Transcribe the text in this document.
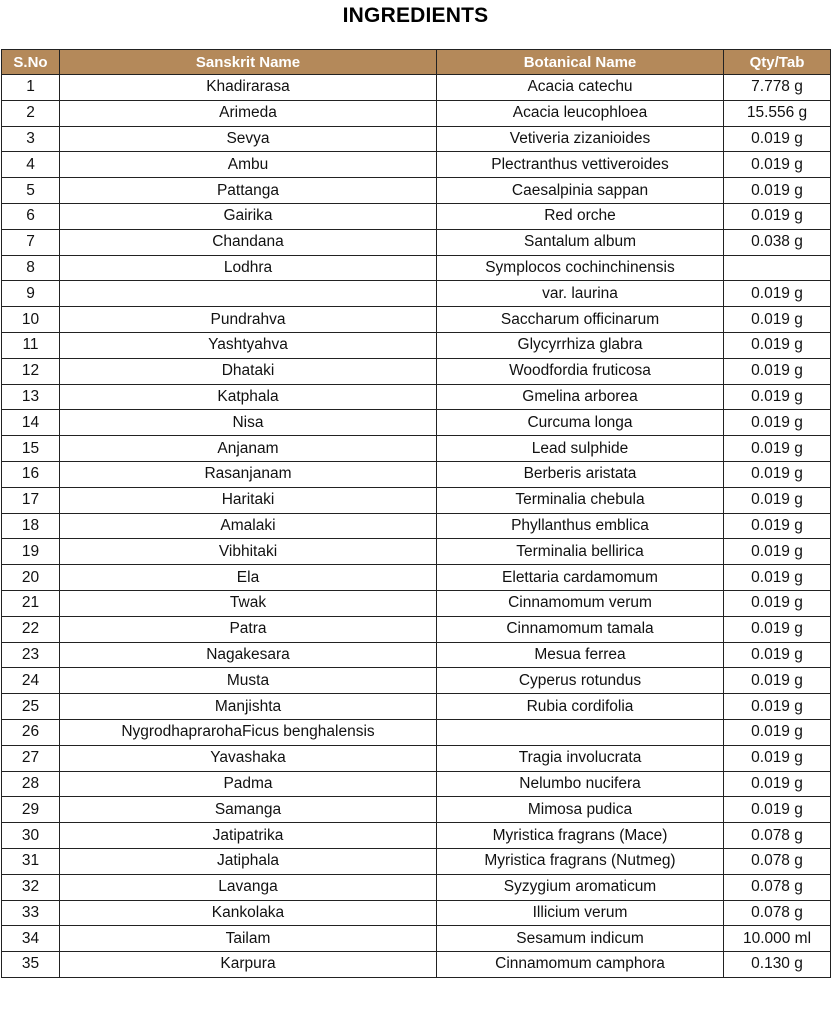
INGREDIENTS
S.No	Sanskrit Name	Botanical Name	Qty/Tab
1	Khadirarasa	Acacia catechu	7.778 g
2	Arimeda	Acacia leucophloea	15.556 g
3	Sevya	Vetiveria zizanioides	0.019 g
4	Ambu	Plectranthus vettiveroides	0.019 g
5	Pattanga	Caesalpinia sappan	0.019 g
6	Gairika	Red orche	0.019 g
7	Chandana	Santalum album	0.038 g
8	Lodhra	Symplocos cochinchinensis	
9		var. laurina	0.019 g
10	Pundrahva	Saccharum officinarum	0.019 g
11	Yashtyahva	Glycyrrhiza glabra	0.019 g
12	Dhataki	Woodfordia fruticosa	0.019 g
13	Katphala	Gmelina arborea	0.019 g
14	Nisa	Curcuma longa	0.019 g
15	Anjanam	Lead sulphide	0.019 g
16	Rasanjanam	Berberis aristata	0.019 g
17	Haritaki	Terminalia chebula	0.019 g
18	Amalaki	Phyllanthus emblica	0.019 g
19	Vibhitaki	Terminalia bellirica	0.019 g
20	Ela	Elettaria cardamomum	0.019 g
21	Twak	Cinnamomum verum	0.019 g
22	Patra	Cinnamomum tamala	0.019 g
23	Nagakesara	Mesua ferrea	0.019 g
24	Musta	Cyperus rotundus	0.019 g
25	Manjishta	Rubia cordifolia	0.019 g
26	NygrodhaprarohaFicus benghalensis		0.019 g
27	Yavashaka	Tragia involucrata	0.019 g
28	Padma	Nelumbo nucifera	0.019 g
29	Samanga	Mimosa pudica	0.019 g
30	Jatipatrika	Myristica fragrans (Mace)	0.078 g
31	Jatiphala	Myristica fragrans (Nutmeg)	0.078 g
32	Lavanga	Syzygium aromaticum	0.078 g
33	Kankolaka	Illicium verum	0.078 g
34	Tailam	Sesamum indicum	10.000 ml
35	Karpura	Cinnamomum camphora	0.130 g
